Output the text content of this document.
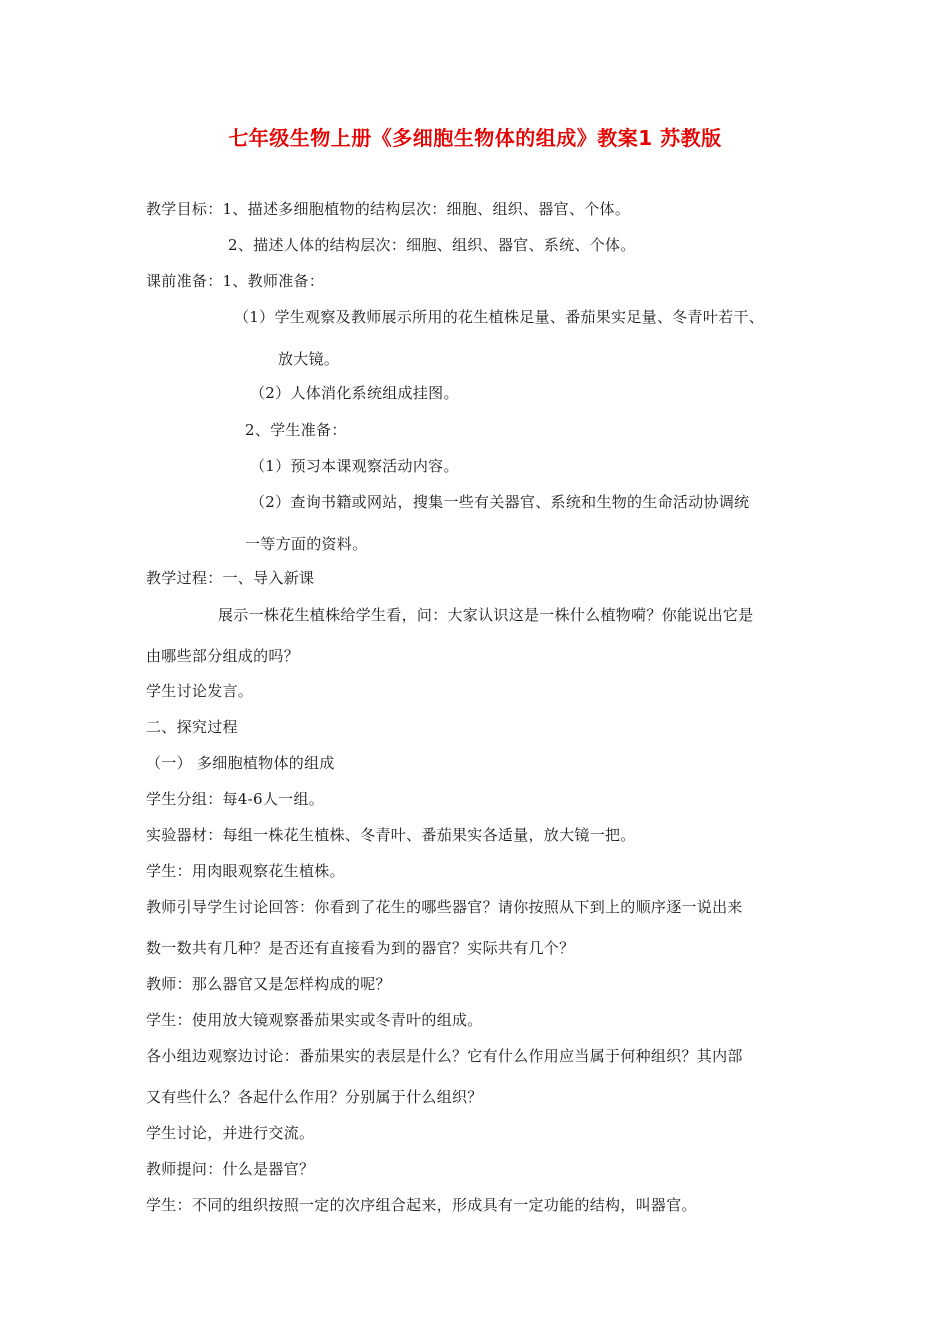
七年级生物上册《多细胞生物体的组成》教案1 苏教版
教学目标：1、描述多细胞植物的结构层次：细胞、组织、器官、个体。
2、描述人体的结构层次：细胞、组织、器官、系统、个体。
课前准备：1、教师准备：
（1）学生观察及教师展示所用的花生植株足量、番茄果实足量、冬青叶若干、
放大镜。
（2）人体消化系统组成挂图。
2、学生准备：
（1）预习本课观察活动内容。
（2）查询书籍或网站，搜集一些有关器官、系统和生物的生命活动协调统
一等方面的资料。
教学过程：一、导入新课
展示一株花生植株给学生看，问：大家认识这是一株什么植物嗬？你能说出它是
由哪些部分组成的吗？
学生讨论发言。
二、探究过程
（一） 多细胞植物体的组成
学生分组：每4-6人一组。
实验器材：每组一株花生植株、冬青叶、番茄果实各适量，放大镜一把。
学生：用肉眼观察花生植株。
教师引导学生讨论回答：你看到了花生的哪些器官？请你按照从下到上的顺序逐一说出来
数一数共有几种？是否还有直接看为到的器官？实际共有几个？
教师：那么器官又是怎样构成的呢？
学生：使用放大镜观察番茄果实或冬青叶的组成。
各小组边观察边讨论：番茄果实的表层是什么？它有什么作用应当属于何种组织？其内部
又有些什么？各起什么作用？分别属于什么组织？
学生讨论，并进行交流。
教师提问：什么是器官？
学生：不同的组织按照一定的次序组合起来，形成具有一定功能的结构，叫器官。
